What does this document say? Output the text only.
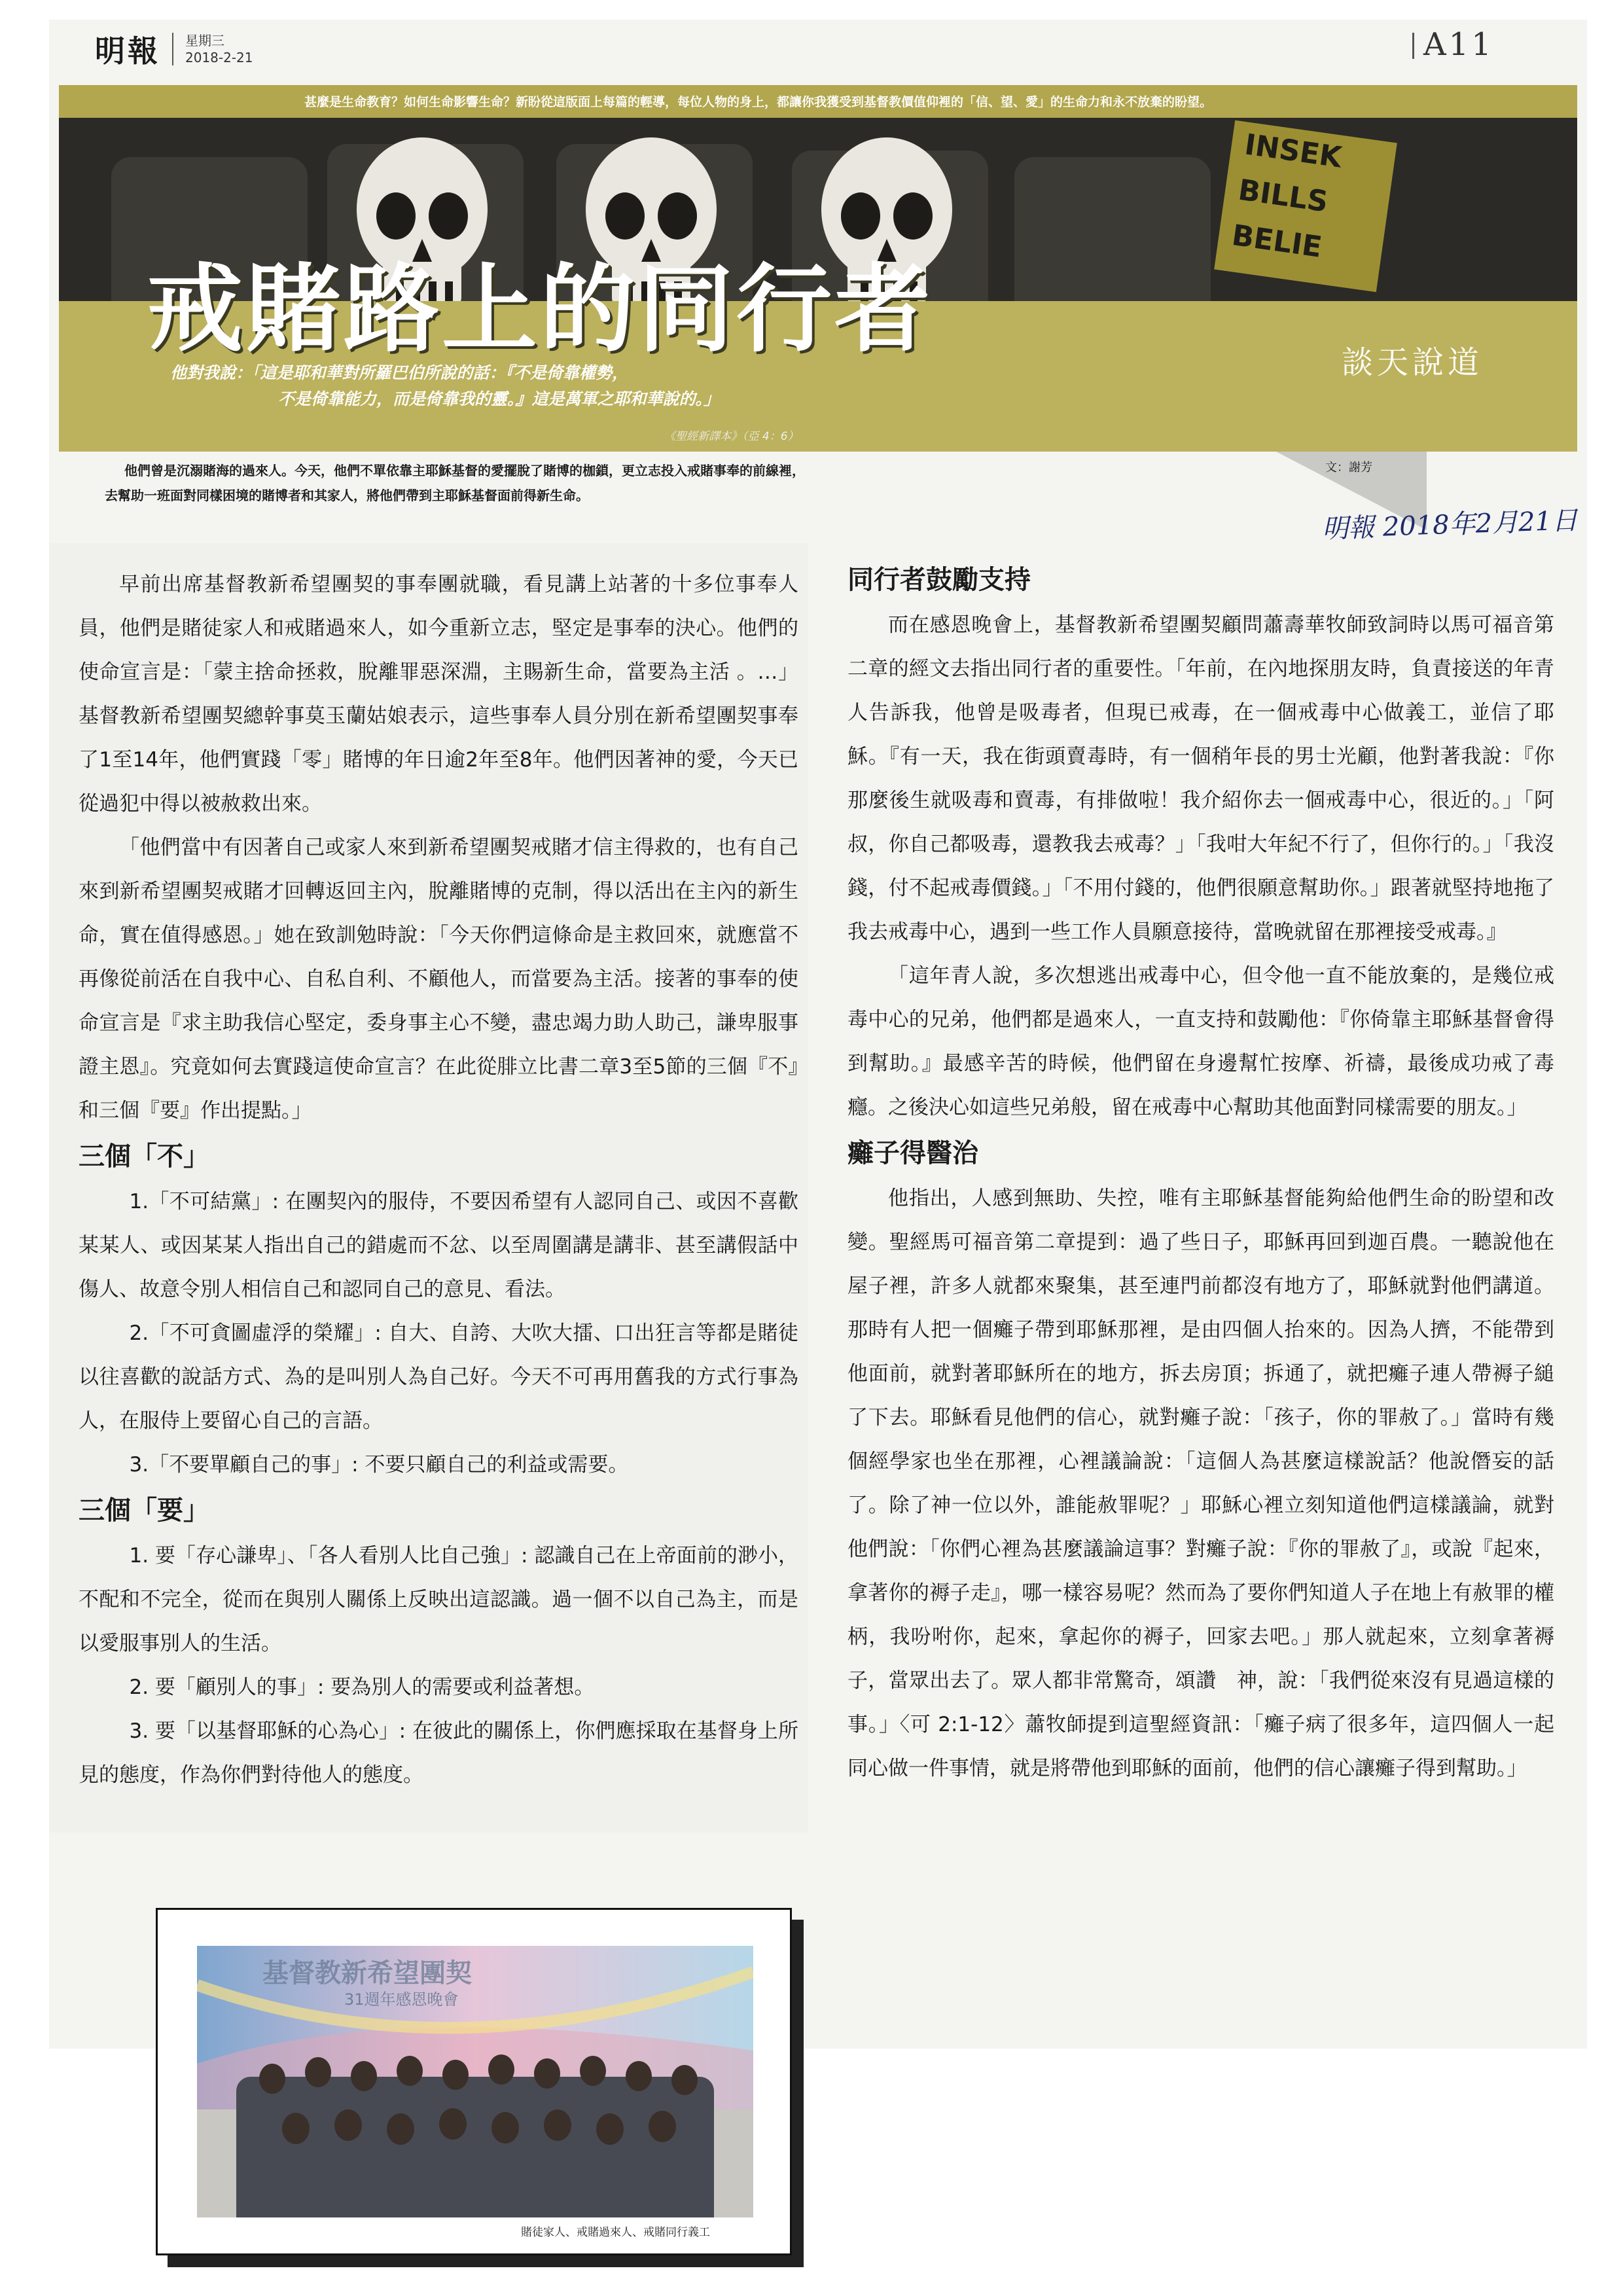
明報 星期三
2018-2-21	A11
甚麼是生命教育？如何生命影響生命？新盼從這版面上每篇的輕導，每位人物的身上，都讓你我獲受到基督教價值仰裡的「信、望、愛」的生命力和永不放棄的盼望。
INSEK
BILLS
BELIE
戒賭路上的同行者
他對我說：「這是耶和華對所羅巴伯所說的話：『不是倚靠權勢，
不是倚靠能力，而是倚靠我的靈。』這是萬軍之耶和華說的。」
《聖經新譯本》（亞 4：6）
談天說道
他們曾是沉溺賭海的過來人。今天，他們不單依靠主耶穌基督的愛擺脫了賭博的枷鎖，更立志投入戒賭事奉的前線裡，
去幫助一班面對同樣困境的賭博者和其家人，將他們帶到主耶穌基督面前得新生命。
文：謝芳
明報 2018年2月21日

早前出席基督教新希望團契的事奉團就職，看見講上站著的十多位事奉人員，他們是賭徒家人和戒賭過來人，如今重新立志，堅定是事奉的決心。他們的使命宣言是：「蒙主捨命拯救，脫離罪惡深淵，主賜新生命，當要為主活 。…」基督教新希望團契總幹事莫玉蘭姑娘表示，這些事奉人員分別在新希望團契事奉了1至14年，他們實踐「零」賭博的年日逾2年至8年。他們因著神的愛，今天已從過犯中得以被赦救出來。

「他們當中有因著自己或家人來到新希望團契戒賭才信主得救的，也有自己來到新希望團契戒賭才回轉返回主內，脫離賭博的克制，得以活出在主內的新生命，實在值得感恩。」她在致訓勉時說：「今天你們這條命是主救回來，就應當不再像從前活在自我中心、自私自利、不顧他人，而當要為主活。接著的事奉的使命宣言是『求主助我信心堅定，委身事主心不變，盡忠竭力助人助己，謙卑服事證主恩』。究竟如何去實踐這使命宣言？在此從腓立比書二章3至5節的三個『不』和三個『要』作出提點。」

三個「不」

1.「不可結黨」: 在團契內的服侍，不要因希望有人認同自己、或因不喜歡某某人、或因某某人指出自己的錯處而不忿、以至周圍講是講非、甚至講假話中傷人、故意令別人相信自己和認同自己的意見、看法。

2.「不可貪圖虛浮的榮耀」: 自大、自誇、大吹大擂、口出狂言等都是賭徒以往喜歡的說話方式、為的是叫別人為自己好。今天不可再用舊我的方式行事為人，在服侍上要留心自己的言語。

3.「不要單顧自己的事」: 不要只顧自己的利益或需要。

三個「要」

1. 要「存心謙卑」、「各人看別人比自己強」: 認識自己在上帝面前的渺小，不配和不完全，從而在與別人關係上反映出這認識。過一個不以自己為主，而是以愛服事別人的生活。

2. 要「顧別人的事」: 要為別人的需要或利益著想。

3. 要「以基督耶穌的心為心」: 在彼此的關係上，你們應採取在基督身上所見的態度，作為你們對待他人的態度。

同行者鼓勵支持

而在感恩晚會上，基督教新希望團契顧問蕭壽華牧師致詞時以馬可福音第二章的經文去指出同行者的重要性。「年前，在內地探朋友時，負責接送的年青人告訴我，他曾是吸毒者，但現已戒毒，在一個戒毒中心做義工，並信了耶穌。『有一天，我在街頭賣毒時，有一個稍年長的男士光顧，他對著我說：『你那麼後生就吸毒和賣毒，有排做啦！我介紹你去一個戒毒中心，很近的。」「阿叔，你自己都吸毒，還教我去戒毒？」「我咁大年紀不行了，但你行的。」「我沒錢，付不起戒毒價錢。」「不用付錢的，他們很願意幫助你。」跟著就堅持地拖了我去戒毒中心，遇到一些工作人員願意接待，當晚就留在那裡接受戒毒。』

「這年青人說，多次想逃出戒毒中心，但令他一直不能放棄的，是幾位戒毒中心的兄弟，他們都是過來人，一直支持和鼓勵他：『你倚靠主耶穌基督會得到幫助。』最感辛苦的時候，他們留在身邊幫忙按摩、祈禱，最後成功戒了毒癮。之後決心如這些兄弟般，留在戒毒中心幫助其他面對同樣需要的朋友。」

癱子得醫治

他指出，人感到無助、失控，唯有主耶穌基督能夠給他們生命的盼望和改變。聖經馬可福音第二章提到：過了些日子，耶穌再回到迦百農。一聽說他在屋子裡，許多人就都來聚集，甚至連門前都沒有地方了，耶穌就對他們講道。 那時有人把一個癱子帶到耶穌那裡，是由四個人抬來的。因為人擠，不能帶到他面前，就對著耶穌所在的地方，拆去房頂；拆通了，就把癱子連人帶褥子縋了下去。耶穌看見他們的信心，就對癱子說：「孩子，你的罪赦了。」當時有幾個經學家也坐在那裡，心裡議論說：「這個人為甚麼這樣說話？他說僭妄的話了。除了神一位以外，誰能赦罪呢？」耶穌心裡立刻知道他們這樣議論，就對他們說：「你們心裡為甚麼議論這事？對癱子說：『你的罪赦了』，或說『起來，拿著你的褥子走』，哪一樣容易呢？然而為了要你們知道人子在地上有赦罪的權柄，我吩咐你，起來，拿起你的褥子，回家去吧。」那人就起來，立刻拿著褥子，當眾出去了。眾人都非常驚奇，頌讚　神，說：「我們從來沒有見過這樣的事。」〈可 2:1-12〉蕭牧師提到這聖經資訊：「癱子病了很多年，這四個人一起同心做一件事情，就是將帶他到耶穌的面前，他們的信心讓癱子得到幫助。」

基督教新希望團契
31週年感恩晚會
賭徒家人、戒賭過來人、戒賭同行義工
